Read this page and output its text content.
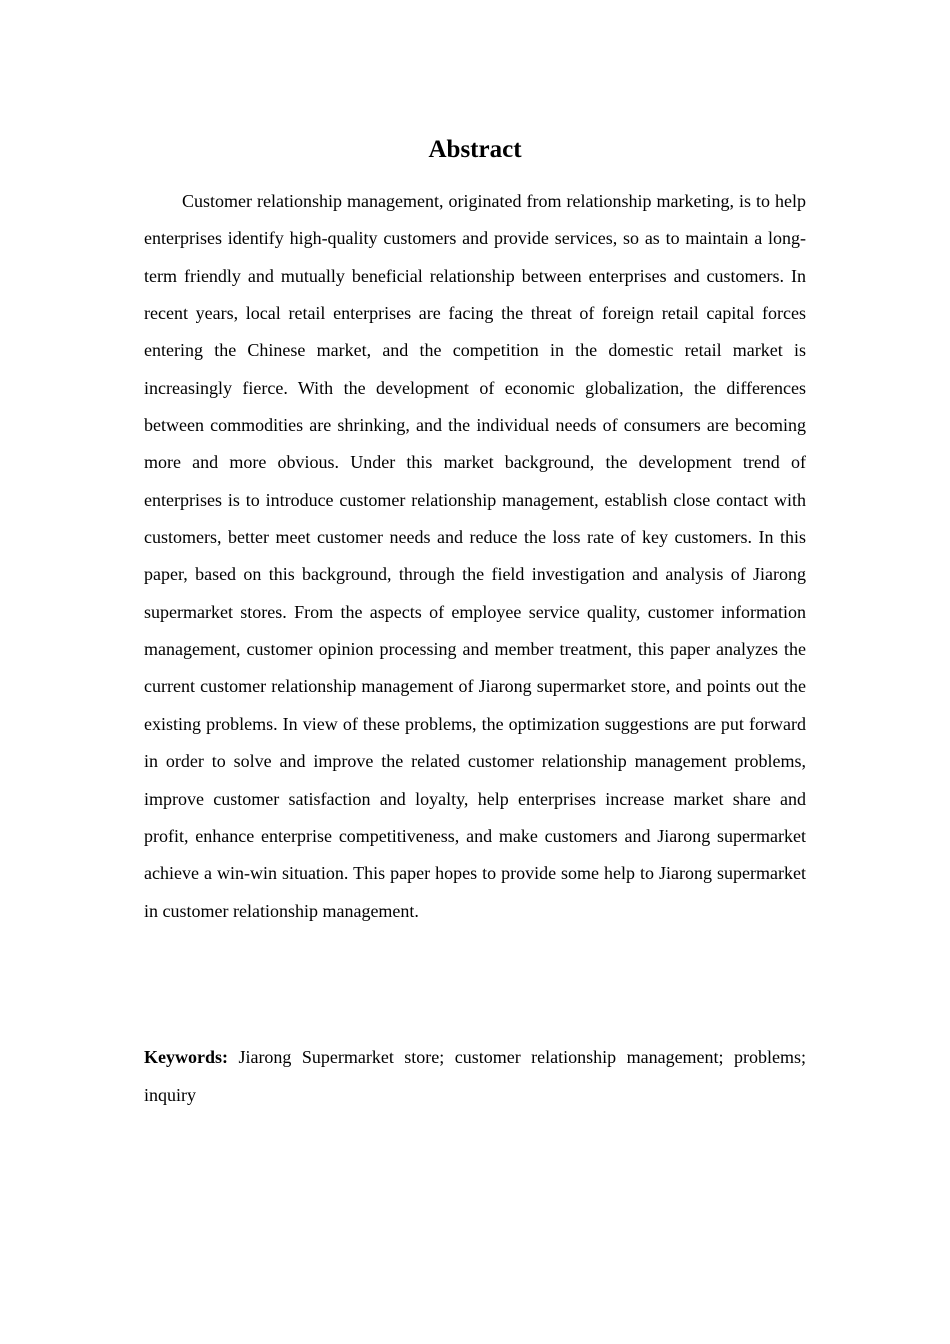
Abstract

Customer relationship management, originated from relationship marketing, is to help enterprises identify high-quality customers and provide services, so as to maintain a long-term friendly and mutually beneficial relationship between enterprises and customers. In recent years, local retail enterprises are facing the threat of foreign retail capital forces entering the Chinese market, and the competition in the domestic retail market is increasingly fierce. With the development of economic globalization, the differences between commodities are shrinking, and the individual needs of consumers are becoming more and more obvious. Under this market background, the development trend of enterprises is to introduce customer relationship management, establish close contact with customers, better meet customer needs and reduce the loss rate of key customers. In this paper, based on this background, through the field investigation and analysis of Jiarong supermarket stores. From the aspects of employee service quality, customer information management, customer opinion processing and member treatment, this paper analyzes the current customer relationship management of Jiarong supermarket store, and points out the existing problems. In view of these problems, the optimization suggestions are put forward in order to solve and improve the related customer relationship management problems, improve customer satisfaction and loyalty, help enterprises increase market share and profit, enhance enterprise competitiveness, and make customers and Jiarong supermarket achieve a win-win situation. This paper hopes to provide some help to Jiarong supermarket in customer relationship management.

Keywords: Jiarong Supermarket store; customer relationship management; problems; inquiry
